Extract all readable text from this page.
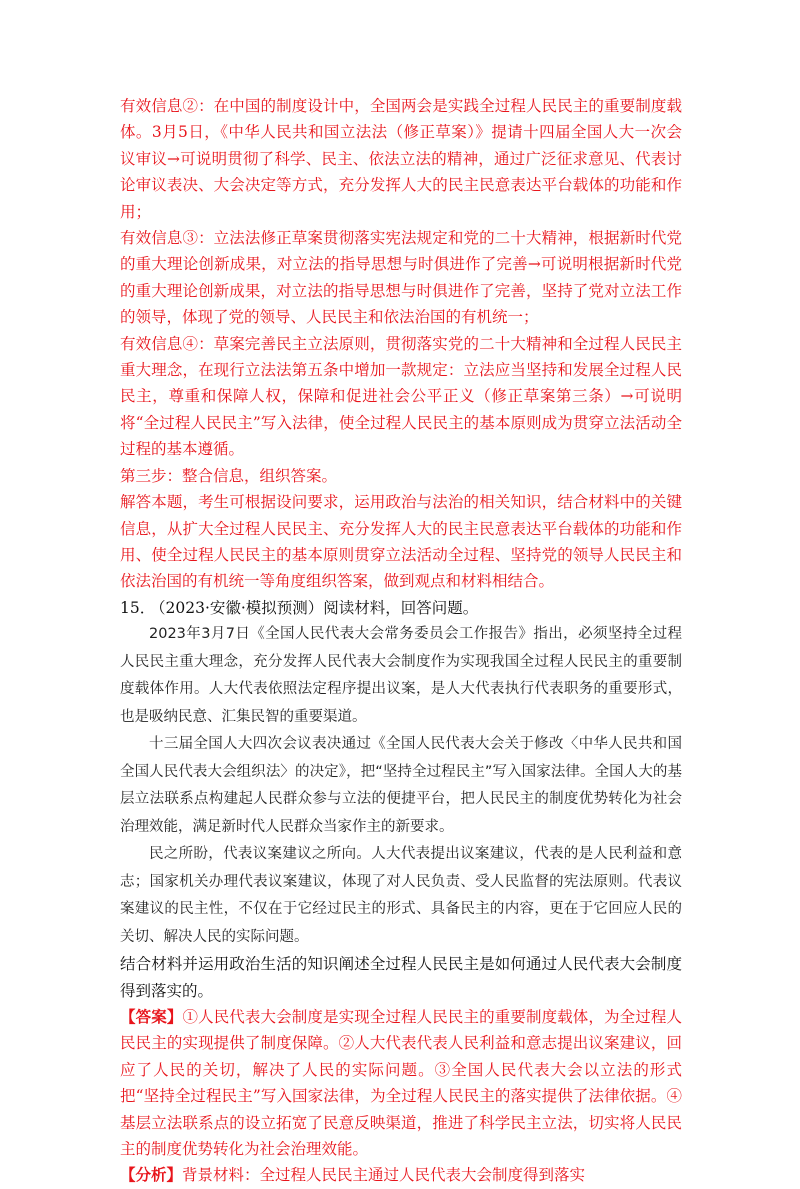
有效信息②：在中国的制度设计中，全国两会是实践全过程人民民主的重要制度载体。3月5日，《中华人民共和国立法法（修正草案）》提请十四届全国人大一次会议审议→可说明贯彻了科学、民主、依法立法的精神，通过广泛征求意见、代表讨论审议表决、大会决定等方式，充分发挥人大的民主民意表达平台载体的功能和作用；

有效信息③：立法法修正草案贯彻落实宪法规定和党的二十大精神，根据新时代党的重大理论创新成果，对立法的指导思想与时俱进作了完善→可说明根据新时代党的重大理论创新成果，对立法的指导思想与时俱进作了完善，坚持了党对立法工作的领导，体现了党的领导、人民民主和依法治国的有机统一；

有效信息④：草案完善民主立法原则，贯彻落实党的二十大精神和全过程人民民主重大理念，在现行立法法第五条中增加一款规定：立法应当坚持和发展全过程人民民主，尊重和保障人权，保障和促进社会公平正义（修正草案第三条）→可说明将“全过程人民民主”写入法律，使全过程人民民主的基本原则成为贯穿立法活动全过程的基本遵循。

第三步：整合信息，组织答案。

解答本题，考生可根据设问要求，运用政治与法治的相关知识，结合材料中的关键信息，从扩大全过程人民民主、充分发挥人大的民主民意表达平台载体的功能和作用、使全过程人民民主的基本原则贯穿立法活动全过程、坚持党的领导人民民主和依法治国的有机统一等角度组织答案，做到观点和材料相结合。

15．（2023·安徽·模拟预测）阅读材料，回答问题。

2023年3月7日《全国人民代表大会常务委员会工作报告》指出，必须坚持全过程人民民主重大理念，充分发挥人民代表大会制度作为实现我国全过程人民民主的重要制度载体作用。人大代表依照法定程序提出议案，是人大代表执行代表职务的重要形式，也是吸纳民意、汇集民智的重要渠道。

十三届全国人大四次会议表决通过《全国人民代表大会关于修改〈中华人民共和国全国人民代表大会组织法〉的决定》，把“坚持全过程民主”写入国家法律。全国人大的基层立法联系点构建起人民群众参与立法的便捷平台，把人民民主的制度优势转化为社会治理效能，满足新时代人民群众当家作主的新要求。

民之所盼，代表议案建议之所向。人大代表提出议案建议，代表的是人民利益和意志；国家机关办理代表议案建议，体现了对人民负责、受人民监督的宪法原则。代表议案建议的民主性，不仅在于它经过民主的形式、具备民主的内容，更在于它回应人民的关切、解决人民的实际问题。

结合材料并运用政治生活的知识阐述全过程人民民主是如何通过人民代表大会制度得到落实的。

【答案】①人民代表大会制度是实现全过程人民民主的重要制度载体，为全过程人民民主的实现提供了制度保障。②人大代表代表人民利益和意志提出议案建议，回应了人民的关切，解决了人民的实际问题。③全国人民代表大会以立法的形式把“坚持全过程民主”写入国家法律，为全过程人民民主的落实提供了法律依据。④基层立法联系点的设立拓宽了民意反映渠道，推进了科学民主立法，切实将人民民主的制度优势转化为社会治理效能。

【分析】背景材料：全过程人民民主通过人民代表大会制度得到落实
